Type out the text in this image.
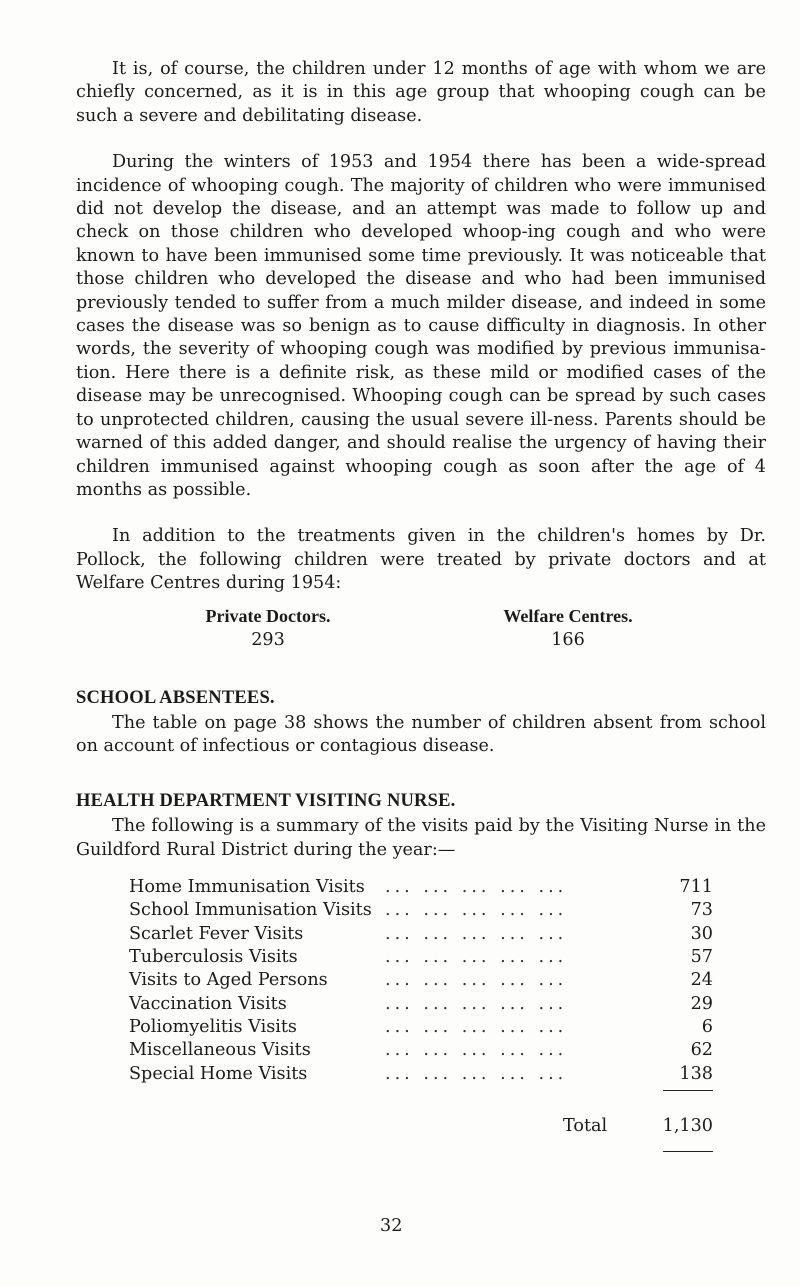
It is, of course, the children under 12 months of age with whom we are chiefly concerned, as it is in this age group that whooping cough can be such a severe and debilitating disease.

During the winters of 1953 and 1954 there has been a wide-spread incidence of whooping cough. The majority of children who were immunised did not develop the disease, and an attempt was made to follow up and check on those children who developed whoop-ing cough and who were known to have been immunised some time previously. It was noticeable that those children who developed the disease and who had been immunised previously tended to suffer from a much milder disease, and indeed in some cases the disease was so benign as to cause difficulty in diagnosis. In other words, the severity of whooping cough was modified by previous immunisa-tion. Here there is a definite risk, as these mild or modified cases of the disease may be unrecognised. Whooping cough can be spread by such cases to unprotected children, causing the usual severe ill-ness. Parents should be warned of this added danger, and should realise the urgency of having their children immunised against whooping cough as soon after the age of 4 months as possible.

In addition to the treatments given in the children's homes by Dr. Pollock, the following children were treated by private doctors and at Welfare Centres during 1954:

Private Doctors.	Welfare Centres.
293	166
SCHOOL ABSENTEES.

The table on page 38 shows the number of children absent from school on account of infectious or contagious disease.

HEALTH DEPARTMENT VISITING NURSE.

The following is a summary of the visits paid by the Visiting Nurse in the Guildford Rural District during the year:—

Home Immunisation Visits ... ... ... ... ...	711
School Immunisation Visits ... ... ... ... ...	73
Scarlet Fever Visits	... ... ... ... ...	30
Tuberculosis Visits	... ... ... ... ...	57
Visits to Aged Persons	... ... ... ... ...	24
Vaccination Visits	... ... ... ... ...	29
Poliomyelitis Visits	... ... ... ... ...	6
Miscellaneous Visits	... ... ... ... ...	62
Special Home Visits	... ... ... ... ...	138
Total	1,130
32
